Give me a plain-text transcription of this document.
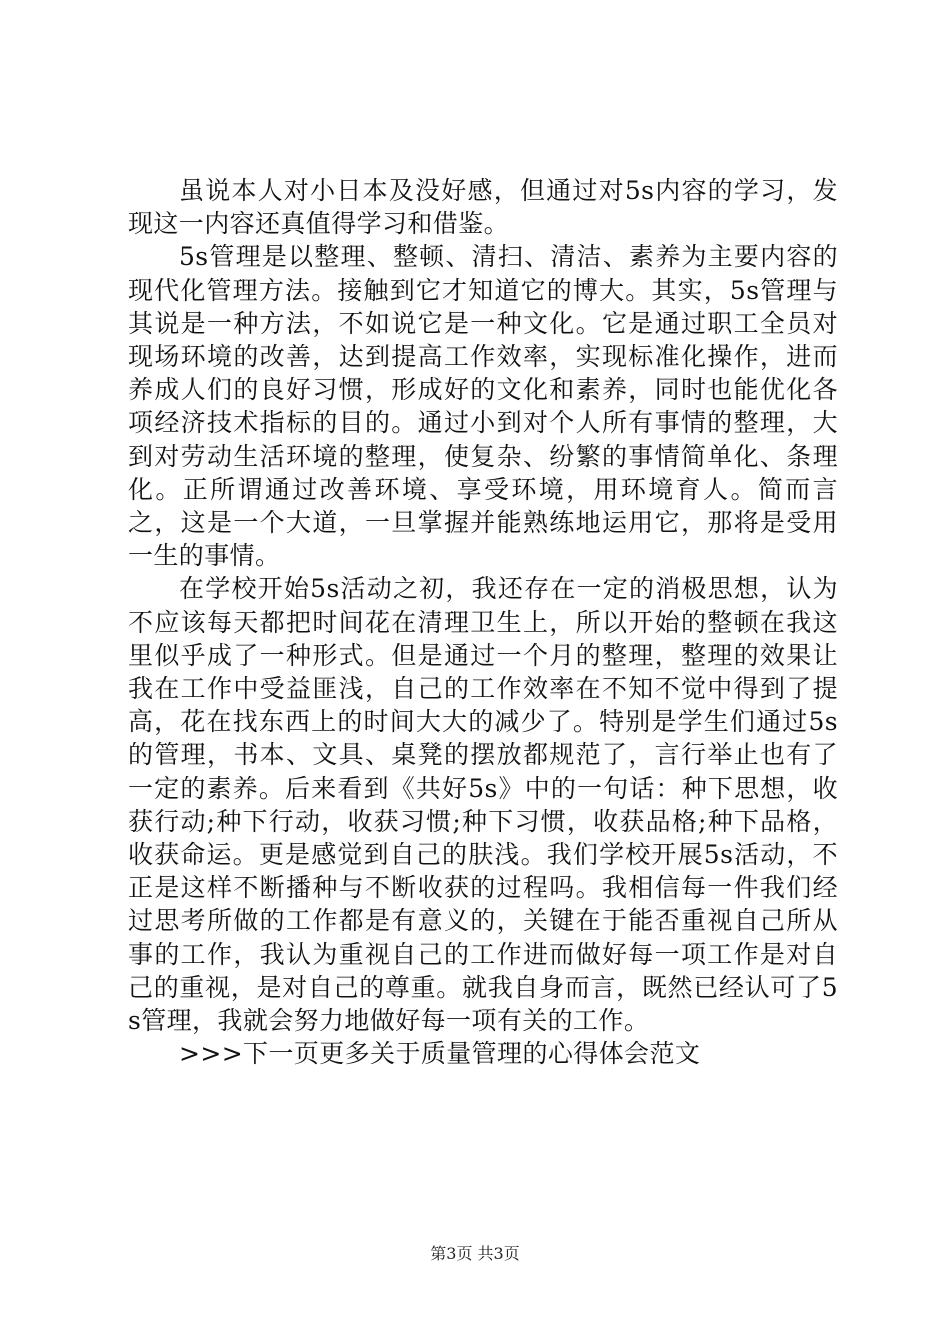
虽说本人对小日本及没好感，但通过对5s内容的学习，发现这一内容还真值得学习和借鉴。

5s管理是以整理、整顿、清扫、清洁、素养为主要内容的现代化管理方法。接触到它才知道它的博大。其实，5s管理与其说是一种方法，不如说它是一种文化。它是通过职工全员对现场环境的改善，达到提高工作效率，实现标准化操作，进而养成人们的良好习惯，形成好的文化和素养，同时也能优化各项经济技术指标的目的。通过小到对个人所有事情的整理，大到对劳动生活环境的整理，使复杂、纷繁的事情简单化、条理化。正所谓通过改善环境、享受环境，用环境育人。简而言之，这是一个大道，一旦掌握并能熟练地运用它，那将是受用一生的事情。

在学校开始5s活动之初，我还存在一定的消极思想，认为不应该每天都把时间花在清理卫生上，所以开始的整顿在我这里似乎成了一种形式。但是通过一个月的整理，整理的效果让我在工作中受益匪浅，自己的工作效率在不知不觉中得到了提高，花在找东西上的时间大大的减少了。特别是学生们通过5s的管理，书本、文具、桌凳的摆放都规范了，言行举止也有了一定的素养。后来看到《共好5s》中的一句话：种下思想，收获行动;种下行动，收获习惯;种下习惯，收获品格;种下品格，收获命运。更是感觉到自己的肤浅。我们学校开展5s活动，不正是这样不断播种与不断收获的过程吗。我相信每一件我们经过思考所做的工作都是有意义的，关键在于能否重视自己所从事的工作，我认为重视自己的工作进而做好每一项工作是对自己的重视，是对自己的尊重。就我自身而言，既然已经认可了5s管理，我就会努力地做好每一项有关的工作。

>>>下一页更多关于质量管理的心得体会范文

第3页 共3页
